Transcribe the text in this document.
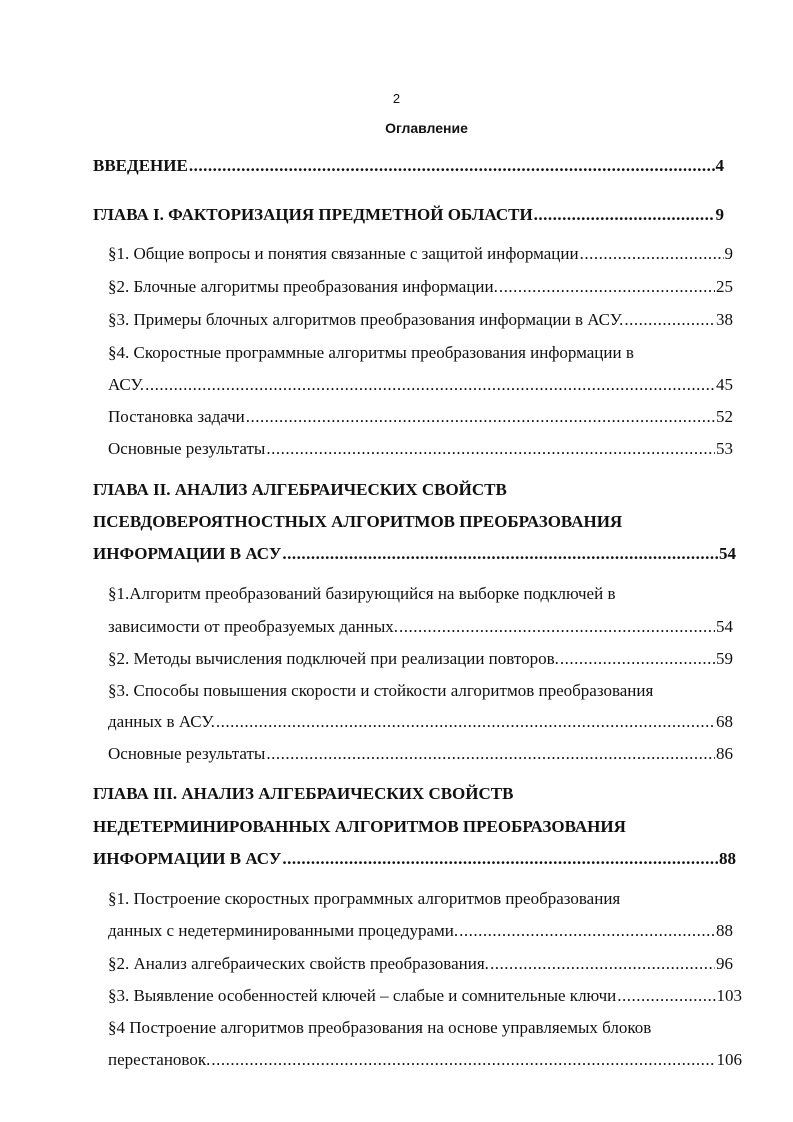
2
Оглавление
ВВЕДЕНИЕ .....	4
ГЛАВА I. ФАКТОРИЗАЦИЯ ПРЕДМЕТНОЙ ОБЛАСТИ .....	9
§1. Общие вопросы и понятия связанные с защитой информации .....	9
§2. Блочные алгоритмы преобразования информации. .....	25
§3. Примеры блочных алгоритмов преобразования информации в АСУ. .....	38
§4. Скоростные программные алгоритмы преобразования информации в
АСУ. .....	45
Постановка задачи .....	52
Основные результаты .....	53
ГЛАВА II. АНАЛИЗ АЛГЕБРАИЧЕСКИХ СВОЙСТВ
ПСЕВДОВЕРОЯТНОСТНЫХ АЛГОРИТМОВ ПРЕОБРАЗОВАНИЯ
ИНФОРМАЦИИ В АСУ .....	54
§1.Алгоритм преобразований базирующийся на выборке подключей в
зависимости от преобразуемых данных. .....	54
§2. Методы вычисления подключей при реализации повторов. .....	59
§3. Способы повышения скорости и стойкости алгоритмов преобразования
данных в АСУ. .....	68
Основные результаты .....	86
ГЛАВА III. АНАЛИЗ АЛГЕБРАИЧЕСКИХ СВОЙСТВ
НЕДЕТЕРМИНИРОВАННЫХ АЛГОРИТМОВ ПРЕОБРАЗОВАНИЯ
ИНФОРМАЦИИ В АСУ .....	88
§1. Построение скоростных программных алгоритмов преобразования
данных с недетерминированными процедурами. .....	88
§2. Анализ алгебраических свойств преобразования. .....	96
§3. Выявление особенностей ключей – слабые и сомнительные ключи .....	103
§4 Построение алгоритмов преобразования на основе управляемых блоков
перестановок. .....	106
